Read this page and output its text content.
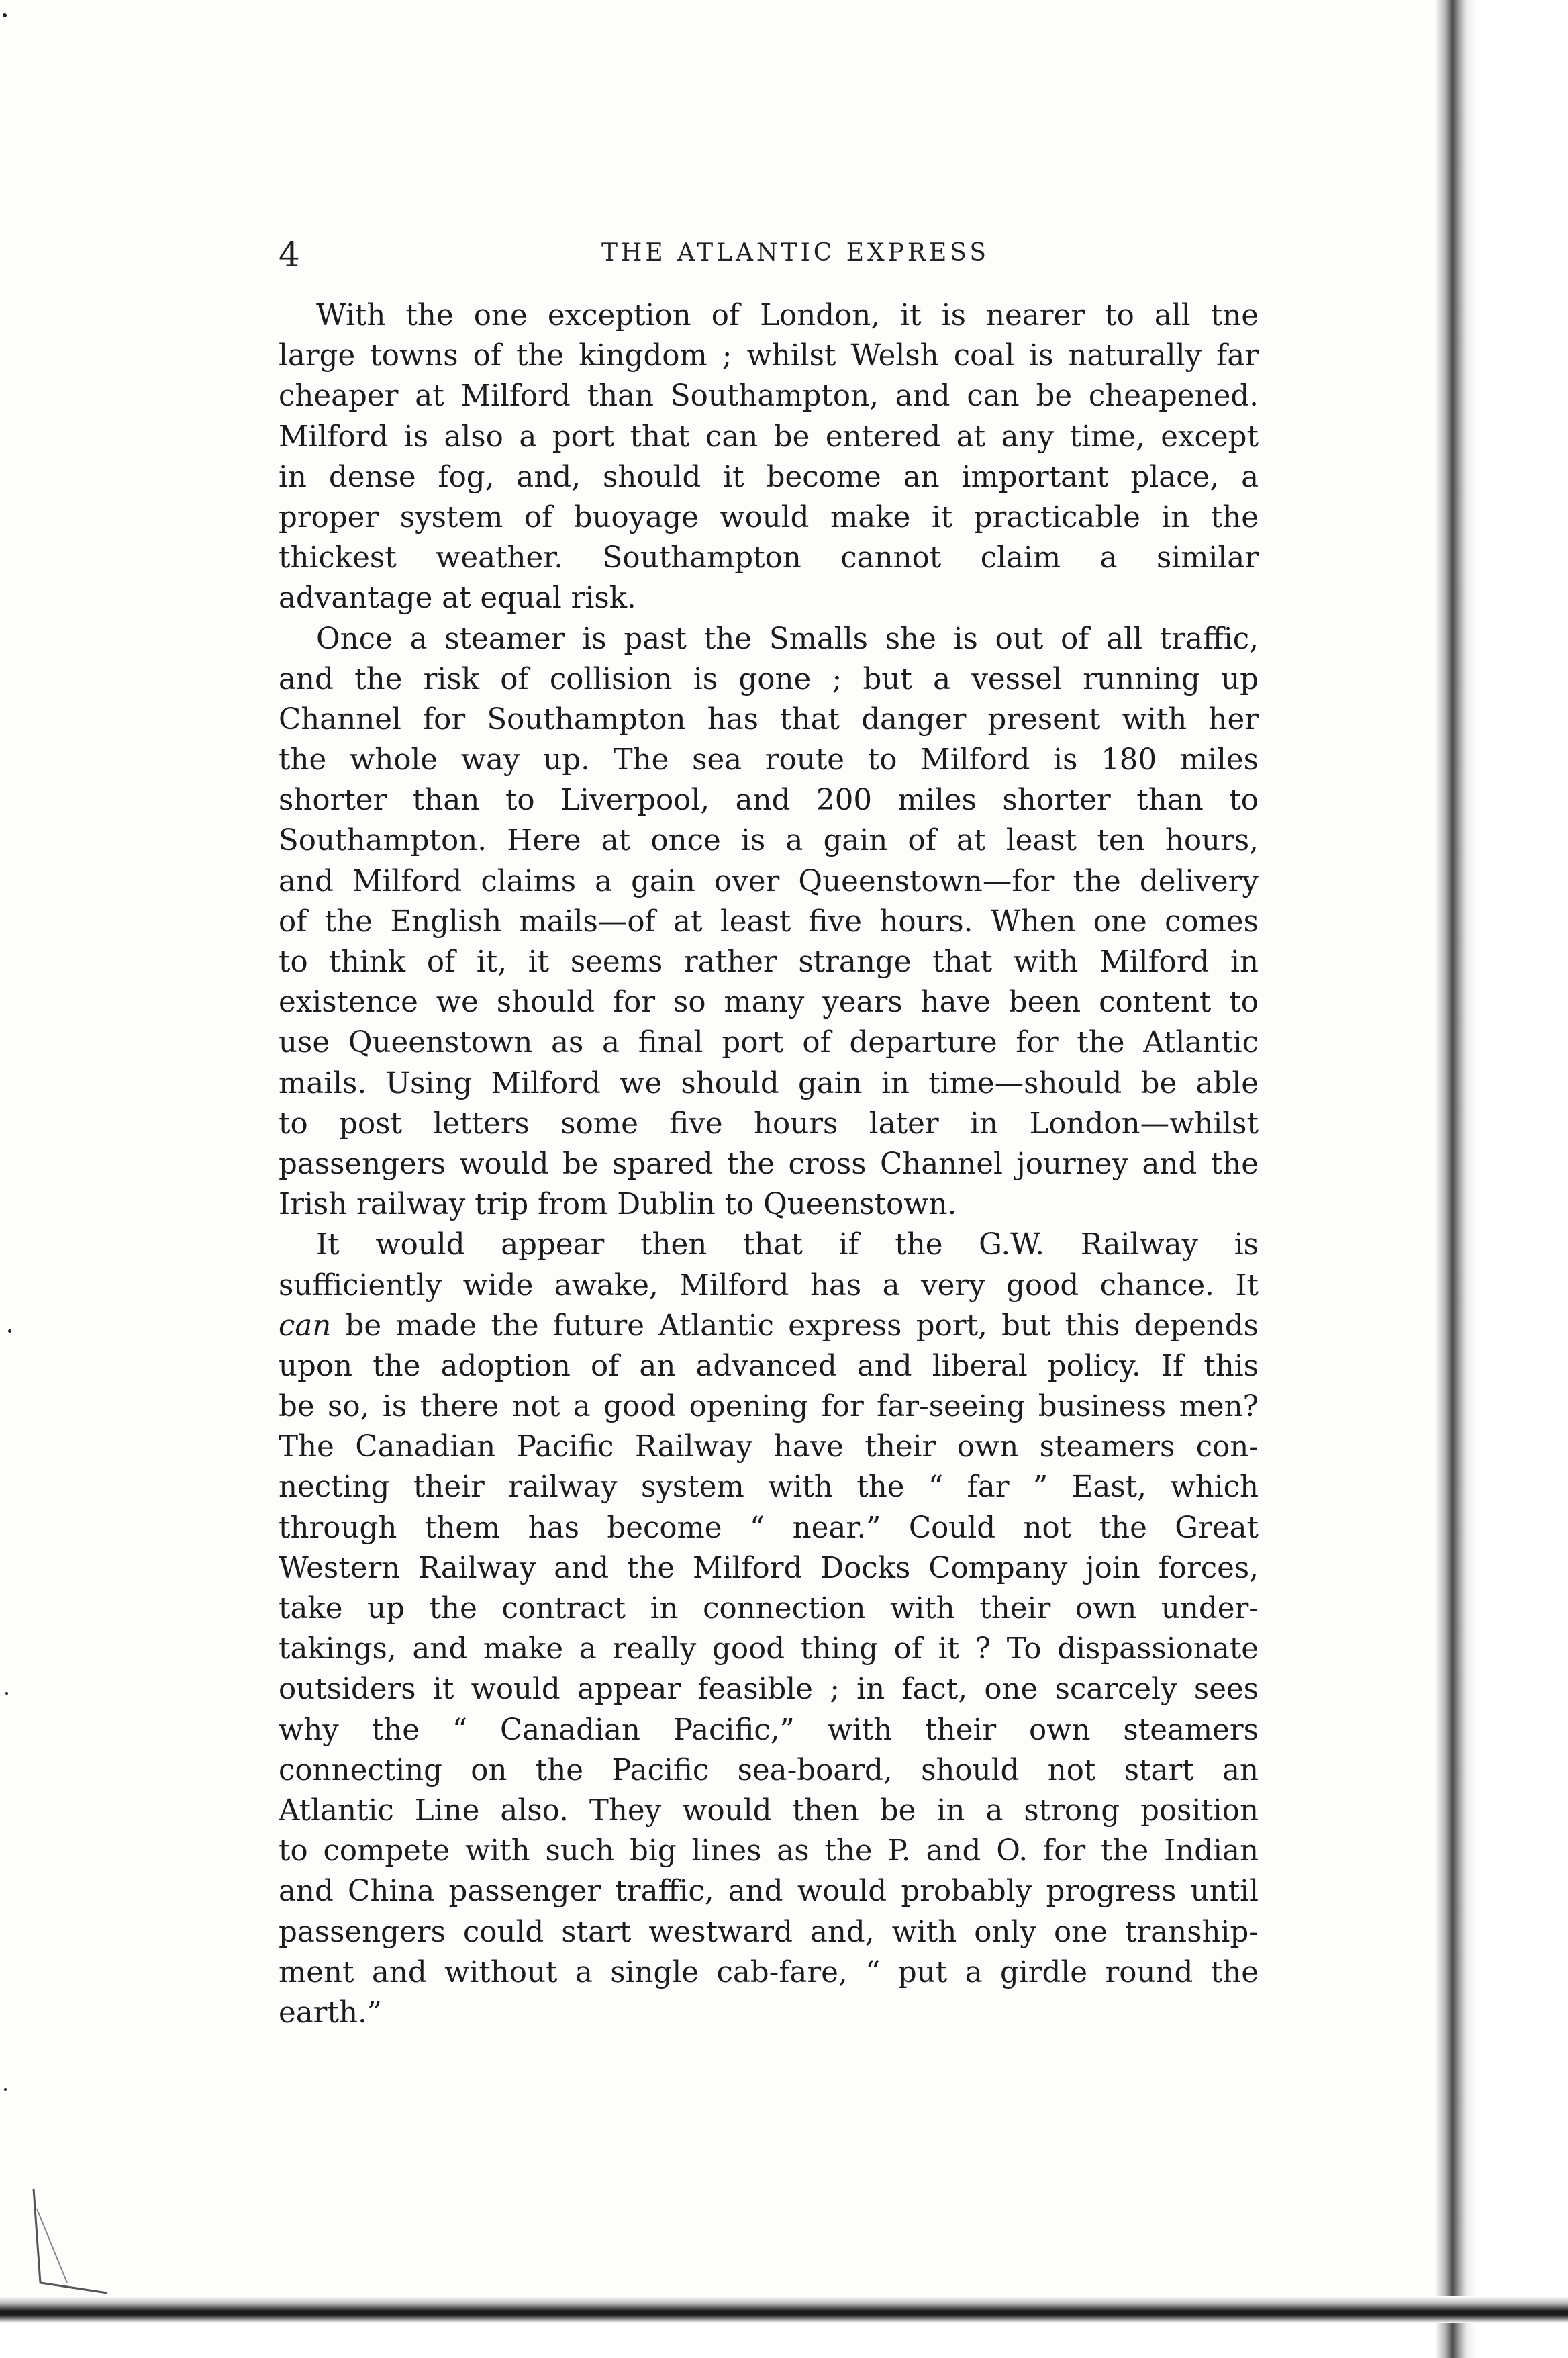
4	THE ATLANTIC EXPRESS
With the one exception of London, it is nearer to all tne
large towns of the kingdom ; whilst Welsh coal is naturally far
cheaper at Milford than Southampton, and can be cheapened.
Milford is also a port that can be entered at any time, except
in dense fog, and, should it become an important place, a
proper system of buoyage would make it practicable in the
thickest weather. Southampton cannot claim a similar
advantage at equal risk.
Once a steamer is past the Smalls she is out of all traffic,
and the risk of collision is gone ; but a vessel running up
Channel for Southampton has that danger present with her
the whole way up. The sea route to Milford is 180 miles
shorter than to Liverpool, and 200 miles shorter than to
Southampton. Here at once is a gain of at least ten hours,
and Milford claims a gain over Queenstown—for the delivery
of the English mails—of at least five hours. When one comes
to think of it, it seems rather strange that with Milford in
existence we should for so many years have been content to
use Queenstown as a final port of departure for the Atlantic
mails. Using Milford we should gain in time—should be able
to post letters some five hours later in London—whilst
passengers would be spared the cross Channel journey and the
Irish railway trip from Dublin to Queenstown.
It would appear then that if the G.W. Railway is
sufficiently wide awake, Milford has a very good chance. It
can be made the future Atlantic express port, but this depends
upon the adoption of an advanced and liberal policy. If this
be so, is there not a good opening for far-seeing business men?
The Canadian Pacific Railway have their own steamers con-
necting their railway system with the “ far ” East, which
through them has become “ near.” Could not the Great
Western Railway and the Milford Docks Company join forces,
take up the contract in connection with their own under-
takings, and make a really good thing of it ? To dispassionate
outsiders it would appear feasible ; in fact, one scarcely sees
why the “ Canadian Pacific,” with their own steamers
connecting on the Pacific sea-board, should not start an
Atlantic Line also. They would then be in a strong position
to compete with such big lines as the P. and O. for the Indian
and China passenger traffic, and would probably progress until
passengers could start westward and, with only one tranship-
ment and without a single cab-fare, “ put a girdle round the
earth.”
